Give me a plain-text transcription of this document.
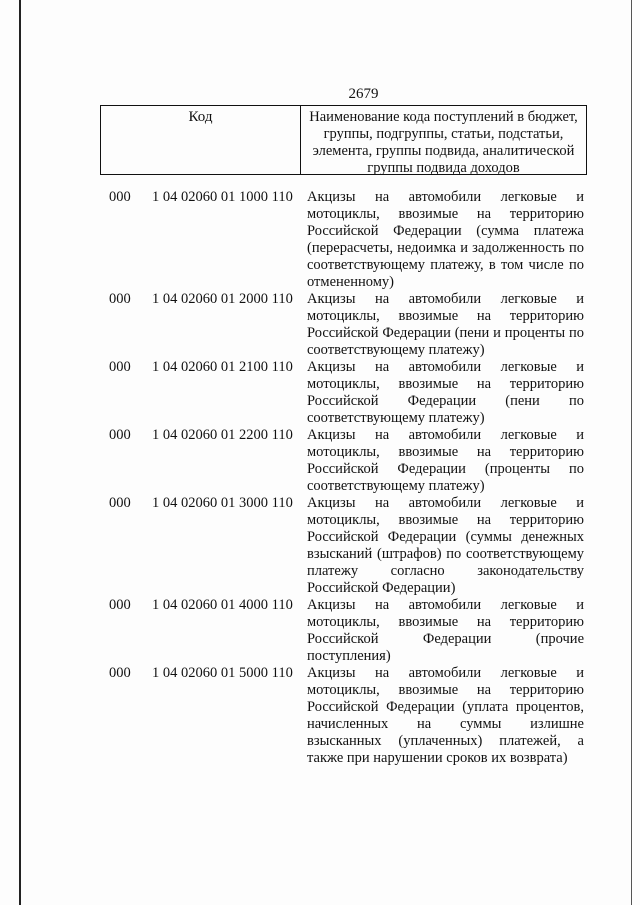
2679
Код	Наименование кода поступлений в бюджет, группы, подгруппы, статьи, подстатьи, элемента, группы подвида, аналитической группы подвида доходов
000 1 04 02060 01 1000 110 Акцизы на автомобили легковые и мотоциклы, ввозимые на территорию Российской Федерации (сумма платежа (перерасчеты, недоимка и задолженность по соответствующему платежу, в том числе по отмененному)
000 1 04 02060 01 2000 110 Акцизы на автомобили легковые и мотоциклы, ввозимые на территорию Российской Федерации (пени и проценты по соответствующему платежу)
000 1 04 02060 01 2100 110 Акцизы на автомобили легковые и мотоциклы, ввозимые на территорию Российской Федерации (пени по соответствующему платежу)
000 1 04 02060 01 2200 110 Акцизы на автомобили легковые и мотоциклы, ввозимые на территорию Российской Федерации (проценты по соответствующему платежу)
000 1 04 02060 01 3000 110 Акцизы на автомобили легковые и мотоциклы, ввозимые на территорию Российской Федерации (суммы денежных взысканий (штрафов) по соответствующему платежу согласно законодательству Российской Федерации)
000 1 04 02060 01 4000 110 Акцизы на автомобили легковые и мотоциклы, ввозимые на территорию Российской Федерации (прочие поступления)
000 1 04 02060 01 5000 110 Акцизы на автомобили легковые и мотоциклы, ввозимые на территорию Российской Федерации (уплата процентов, начисленных на суммы излишне взысканных (уплаченных) платежей, а также при нарушении сроков их возврата)
